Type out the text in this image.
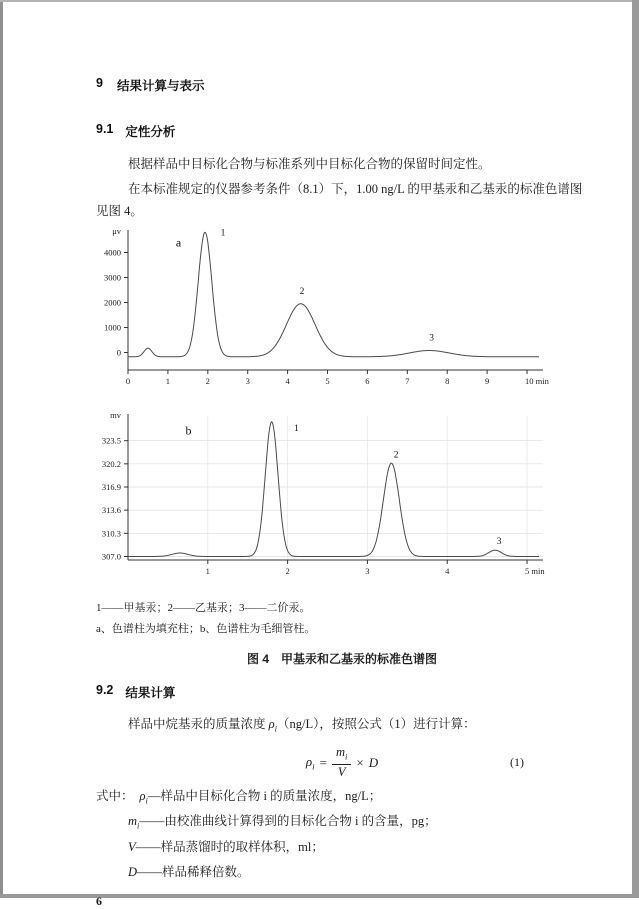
9 结果计算与表示
9.1 定性分析

根据样品中目标化合物与标准系列中目标化合物的保留时间定性。

在本标准规定的仪器参考条件（8.1）下，1.00 ng/L 的甲基汞和乙基汞的标准色谱图见图 4。

0
1000
2000
3000
4000
μv
0	1	2	3	4	5	6	7	8	9	10 min
a
1
2
3
307.0
310.3
313.6
316.9
320.2
323.5
mv
1	2	3	4	5 min
b	1
2
3

1——甲基汞；2——乙基汞；3——二价汞。

a、色谱柱为填充柱；b、色谱柱为毛细管柱。

图 4 甲基汞和乙基汞的标准色谱图
9.2 结果计算

样品中烷基汞的质量浓度 $\rho_i(ng/L)$，按照公式（1）进行计算：

$\rho_i = \frac{m_i}{V} \times D$	(1)

式中： $\rho_i—$样品中目标化合物 i 的质量浓度，ng/L；

$m_i——$由校准曲线计算得到的目标化合物 i 的含量，pg；

V——样品蒸馏时的取样体积，ml；

D——样品稀释倍数。

6
